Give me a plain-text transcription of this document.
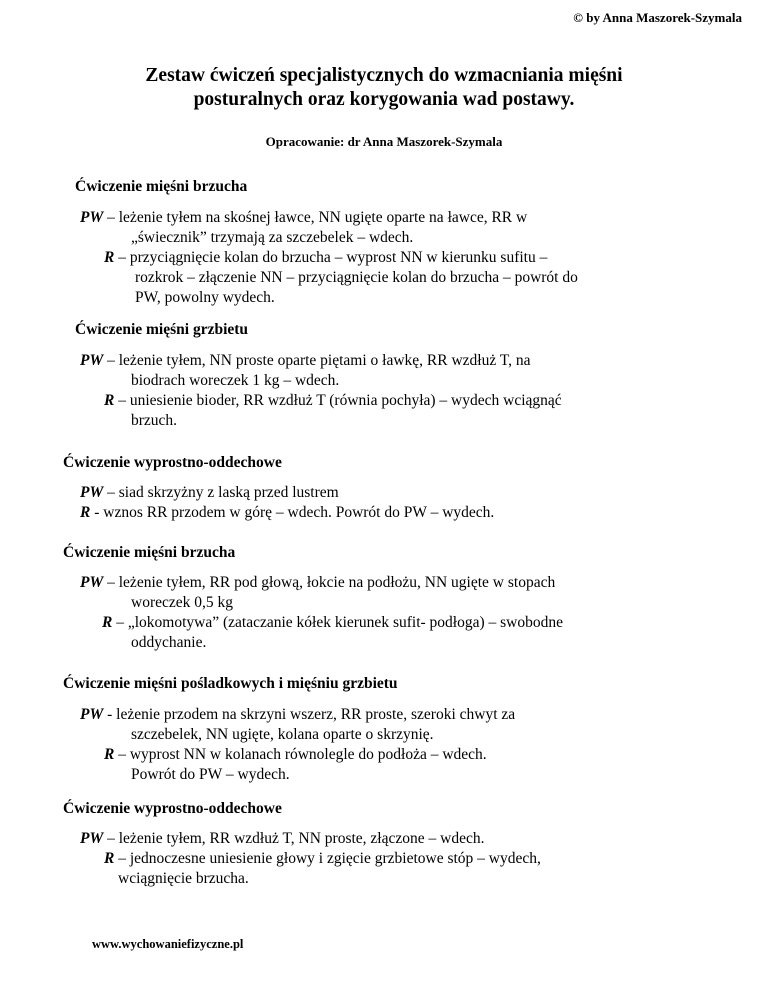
© by Anna Maszorek-Szymala
Zestaw ćwiczeń specjalistycznych do wzmacniania mięśni
posturalnych oraz korygowania wad postawy.
Opracowanie: dr Anna Maszorek-Szymala
Ćwiczenie mięśni brzucha
PW – leżenie tyłem na skośnej ławce, NN ugięte oparte na ławce, RR w
„świecznik” trzymają za szczebelek – wdech.
R – przyciągnięcie kolan do brzucha – wyprost NN w kierunku sufitu –
rozkrok – złączenie NN – przyciągnięcie kolan do brzucha – powrót do
PW, powolny wydech.
Ćwiczenie mięśni grzbietu
PW – leżenie tyłem, NN proste oparte piętami o ławkę, RR wzdłuż T, na
biodrach woreczek 1 kg – wdech.
R – uniesienie bioder, RR wzdłuż T (równia pochyła) – wydech wciągnąć
brzuch.
Ćwiczenie wyprostno-oddechowe
PW – siad skrzyżny z laską przed lustrem
R - wznos RR przodem w górę – wdech. Powrót do PW – wydech.
Ćwiczenie mięśni brzucha
PW – leżenie tyłem, RR pod głową, łokcie na podłożu, NN ugięte w stopach
woreczek 0,5 kg
R – „lokomotywa” (zataczanie kółek kierunek sufit- podłoga) – swobodne
oddychanie.
Ćwiczenie mięśni pośladkowych i mięśniu grzbietu
PW - leżenie przodem na skrzyni wszerz, RR proste, szeroki chwyt za
szczebelek, NN ugięte, kolana oparte o skrzynię.
R – wyprost NN w kolanach równolegle do podłoża – wdech.
Powrót do PW – wydech.
Ćwiczenie wyprostno-oddechowe
PW – leżenie tyłem, RR wzdłuż T, NN proste, złączone – wdech.
R – jednoczesne uniesienie głowy i zgięcie grzbietowe stóp – wydech,
wciągnięcie brzucha.
www.wychowaniefizyczne.pl
